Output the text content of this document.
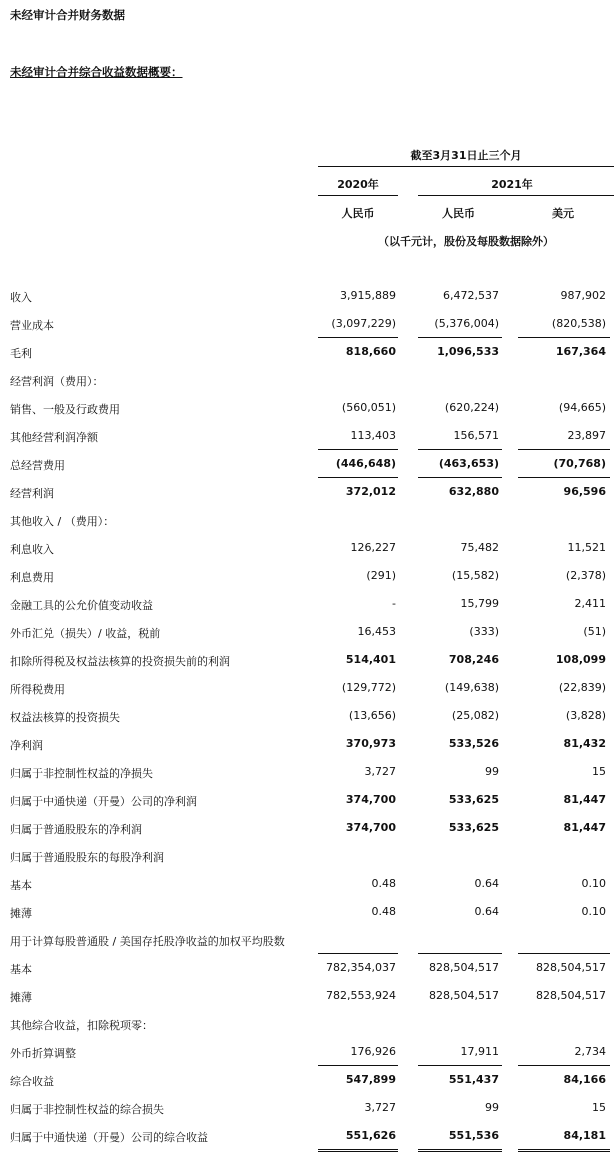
未经审计合并财务数据
未经审计合并综合收益数据概要：
截至3月31日止三个月
2020年	2021年
人民币	人民币	美元
（以千元计，股份及每股数据除外）
收入	3,915,889	6,472,537	987,902
营业成本	(3,097,229)	(5,376,004)	(820,538)
毛利	818,660	1,096,533	167,364
经营利润（费用）：
销售、一般及行政费用	(560,051)	(620,224)	(94,665)
其他经营利润净额	113,403	156,571	23,897
总经营费用	(446,648)	(463,653)	(70,768)
经营利润	372,012	632,880	96,596
其他收入 / （费用）：
利息收入	126,227	75,482	11,521
利息费用	(291)	(15,582)	(2,378)
金融工具的公允价值变动收益	-	15,799	2,411
外币汇兑（损失）/ 收益，税前	16,453	(333)	(51)
扣除所得税及权益法核算的投资损失前的利润	514,401	708,246	108,099
所得税费用	(129,772)	(149,638)	(22,839)
权益法核算的投资损失	(13,656)	(25,082)	(3,828)
净利润	370,973	533,526	81,432
归属于非控制性权益的净损失	3,727	99	15
归属于中通快递（开曼）公司的净利润	374,700	533,625	81,447
归属于普通股股东的净利润	374,700	533,625	81,447
归属于普通股股东的每股净利润
基本	0.48	0.64	0.10
摊薄	0.48	0.64	0.10
用于计算每股普通股 / 美国存托股净收益的加权平均股数
基本	782,354,037	828,504,517	828,504,517
摊薄	782,553,924	828,504,517	828,504,517
其他综合收益，扣除税项零：
外币折算调整	176,926	17,911	2,734
综合收益	547,899	551,437	84,166
归属于非控制性权益的综合损失	3,727	99	15
归属于中通快递（开曼）公司的综合收益	551,626	551,536	84,181
